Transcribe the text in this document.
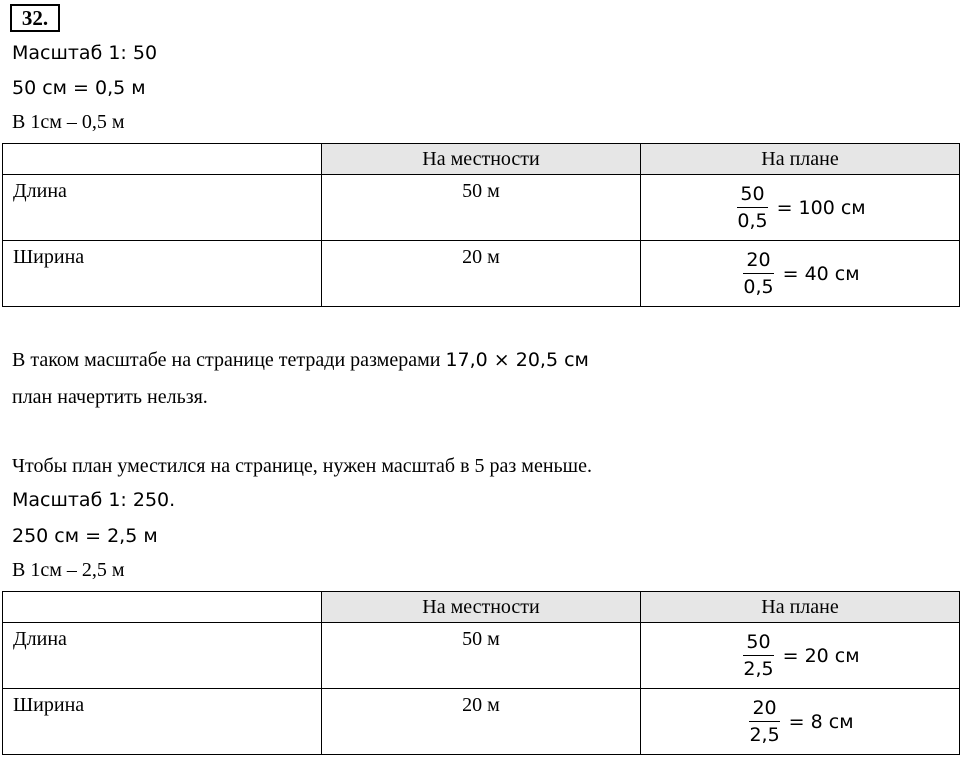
32.
Масштаб 1: 50
50 см = 0,5 м
В 1см – 0,5 м
	На местности	На плане

Длина	50 м	$\frac{50}{0,5} = 100$ см

Ширина	20 м	$\frac{20}{0,5} = 40$ см
В таком масштабе на странице тетради размерами 17,0 × 20,5 см
план начертить нельзя.
Чтобы план уместился на странице, нужен масштаб в 5 раз меньше.
Масштаб 1: 250.
250 см = 2,5 м
В 1см – 2,5 м
	На местности	На плане

Длина	50 м	$\frac{50}{2,5} = 20$ см

Ширина	20 м	$\frac{20}{2,5} = 8$ см
